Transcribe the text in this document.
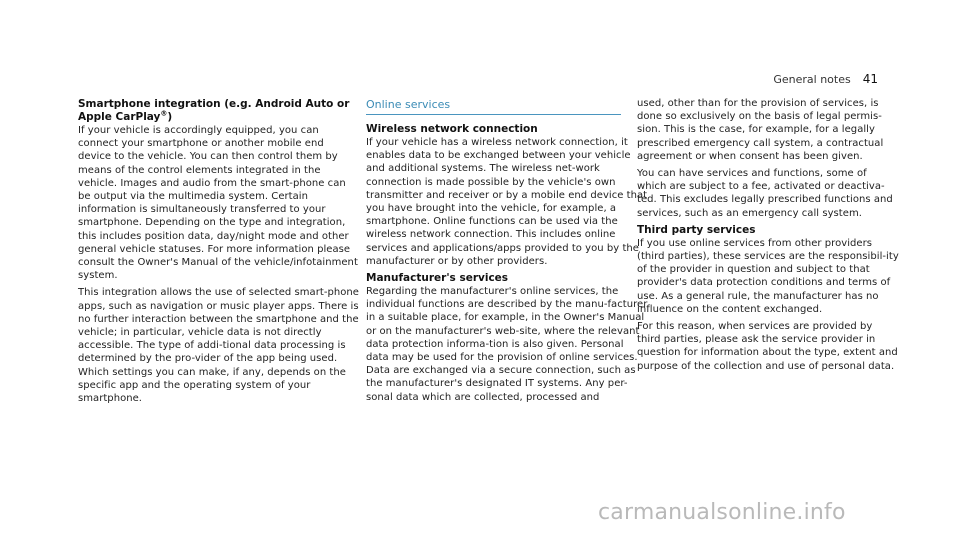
General notes 41
Smartphone integration (e.g. Android Auto or
Apple CarPlay®)

If your vehicle is accordingly equipped, you can connect your smartphone or another mobile end device to the vehicle. You can then control them by means of the control elements integrated in the vehicle. Images and audio from the smart-phone can be output via the multimedia system. Certain information is simultaneously transferred to your smartphone. Depending on the type and integration, this includes position data, day/night mode and other general vehicle statuses. For more information please consult the Owner's Manual of the vehicle/infotainment system.

This integration allows the use of selected smart-phone apps, such as navigation or music player apps. There is no further interaction between the smartphone and the vehicle; in particular, vehicle data is not directly accessible. The type of addi-tional data processing is determined by the pro-vider of the app being used. Which settings you can make, if any, depends on the specific app and the operating system of your smartphone.

Online services
Wireless network connection

If your vehicle has a wireless network connection, it enables data to be exchanged between your vehicle and additional systems. The wireless net-work connection is made possible by the vehicle's own transmitter and receiver or by a mobile end device that you have brought into the vehicle, for example, a smartphone. Online functions can be used via the wireless network connection. This includes online services and applications/apps provided to you by the manufacturer or by other providers.

Manufacturer's services

Regarding the manufacturer's online services, the individual functions are described by the manu-facturer in a suitable place, for example, in the Owner's Manual or on the manufacturer's web-site, where the relevant data protection informa-tion is also given. Personal data may be used for the provision of online services. Data are exchanged via a secure connection, such as the manufacturer's designated IT systems. Any per-sonal data which are collected, processed and

used, other than for the provision of services, is done so exclusively on the basis of legal permis-sion. This is the case, for example, for a legally prescribed emergency call system, a contractual agreement or when consent has been given.

You can have services and functions, some of which are subject to a fee, activated or deactiva-ted. This excludes legally prescribed functions and services, such as an emergency call system.

Third party services

If you use online services from other providers (third parties), these services are the responsibil-ity of the provider in question and subject to that provider's data protection conditions and terms of use. As a general rule, the manufacturer has no influence on the content exchanged.

For this reason, when services are provided by third parties, please ask the service provider in question for information about the type, extent and purpose of the collection and use of personal data.

carmanualsonline.info
